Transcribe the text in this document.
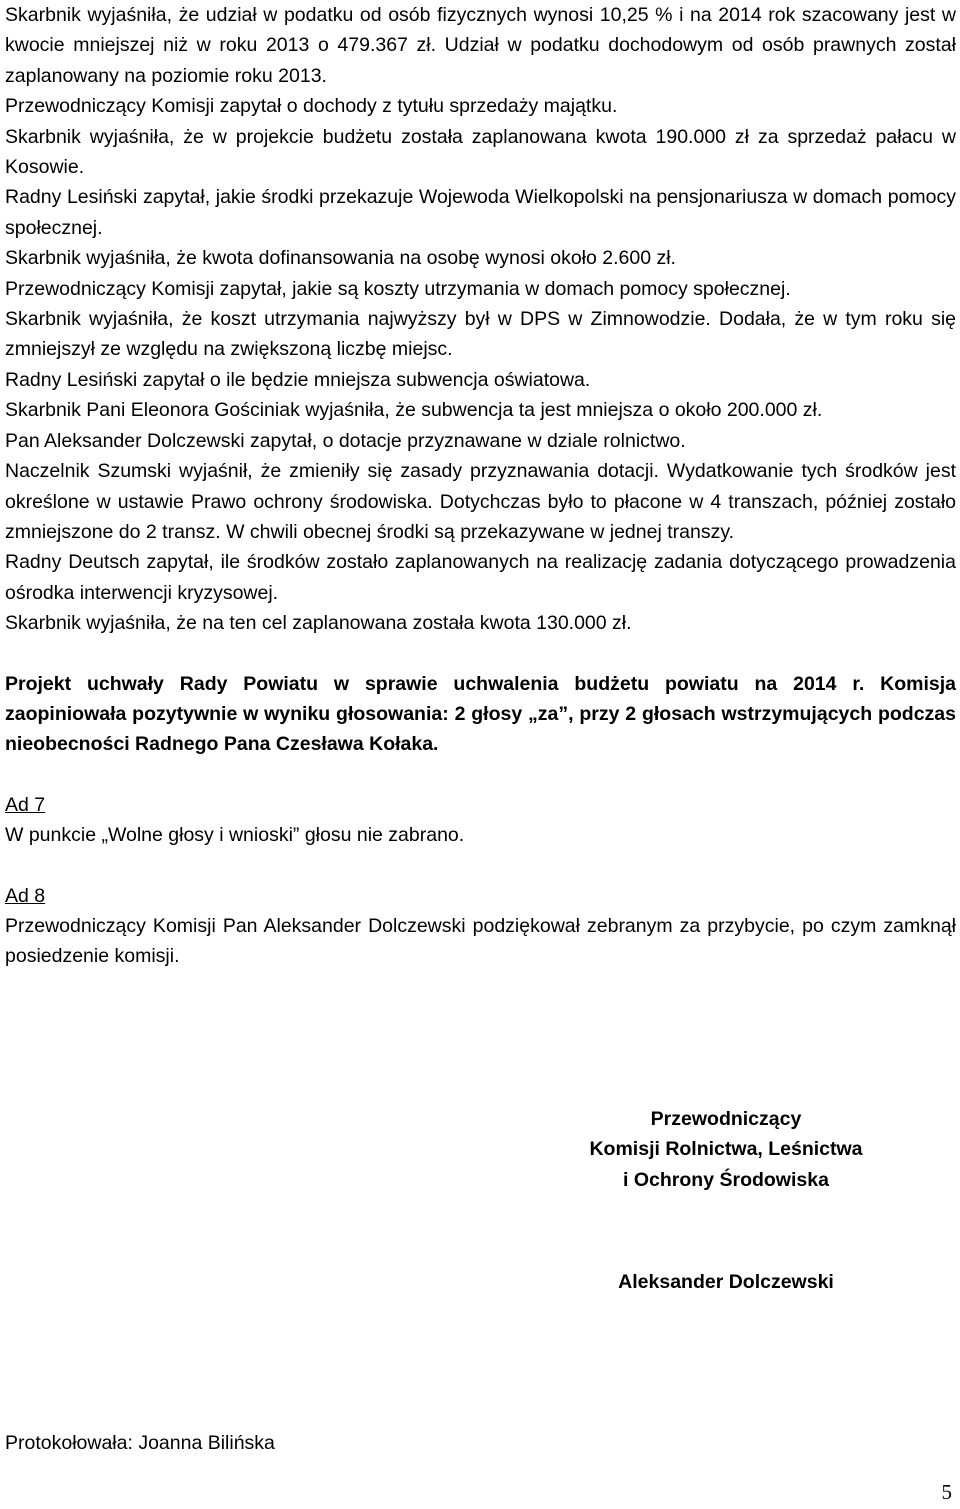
Skarbnik wyjaśniła, że udział w podatku od osób fizycznych wynosi 10,25 % i na 2014 rok szacowany jest w kwocie mniejszej niż w roku 2013 o 479.367 zł. Udział w podatku dochodowym od osób prawnych został zaplanowany na poziomie roku 2013.

Przewodniczący Komisji zapytał o dochody z tytułu sprzedaży majątku.

Skarbnik wyjaśniła, że w projekcie budżetu została zaplanowana kwota 190.000 zł za sprzedaż pałacu w Kosowie.

Radny Lesiński zapytał, jakie środki przekazuje Wojewoda Wielkopolski na pensjonariusza w domach pomocy społecznej.

Skarbnik wyjaśniła, że kwota dofinansowania na osobę wynosi około 2.600 zł.

Przewodniczący Komisji zapytał, jakie są koszty utrzymania w domach pomocy społecznej.

Skarbnik wyjaśniła, że koszt utrzymania najwyższy był w DPS w Zimnowodzie. Dodała, że w tym roku się zmniejszył ze względu na zwiększoną liczbę miejsc.

Radny Lesiński zapytał o ile będzie mniejsza subwencja oświatowa.

Skarbnik Pani Eleonora Gościniak wyjaśniła, że subwencja ta jest mniejsza o około 200.000 zł.

Pan Aleksander Dolczewski zapytał, o dotacje przyznawane w dziale rolnictwo.

Naczelnik Szumski wyjaśnił, że zmieniły się zasady przyznawania dotacji. Wydatkowanie tych środków jest określone w ustawie Prawo ochrony środowiska. Dotychczas było to płacone w 4 transzach, później zostało zmniejszone do 2 transz. W chwili obecnej środki są przekazywane w jednej transzy.

Radny Deutsch zapytał, ile środków zostało zaplanowanych na realizację zadania dotyczącego prowadzenia ośrodka interwencji kryzysowej.

Skarbnik wyjaśniła, że na ten cel zaplanowana została kwota 130.000 zł.

Projekt uchwały Rady Powiatu w sprawie uchwalenia budżetu powiatu na 2014 r. Komisja zaopiniowała pozytywnie w wyniku głosowania: 2 głosy „za”, przy 2 głosach wstrzymujących podczas nieobecności Radnego Pana Czesława Kołaka.

Ad 7

W punkcie „Wolne głosy i wnioski” głosu nie zabrano.

Ad 8

Przewodniczący Komisji Pan Aleksander Dolczewski podziękował zebranym za przybycie, po czym zamknął posiedzenie komisji.

Przewodniczący
Komisji Rolnictwa, Leśnictwa
i Ochrony Środowiska
Aleksander Dolczewski
Protokołowała: Joanna Bilińska
5
